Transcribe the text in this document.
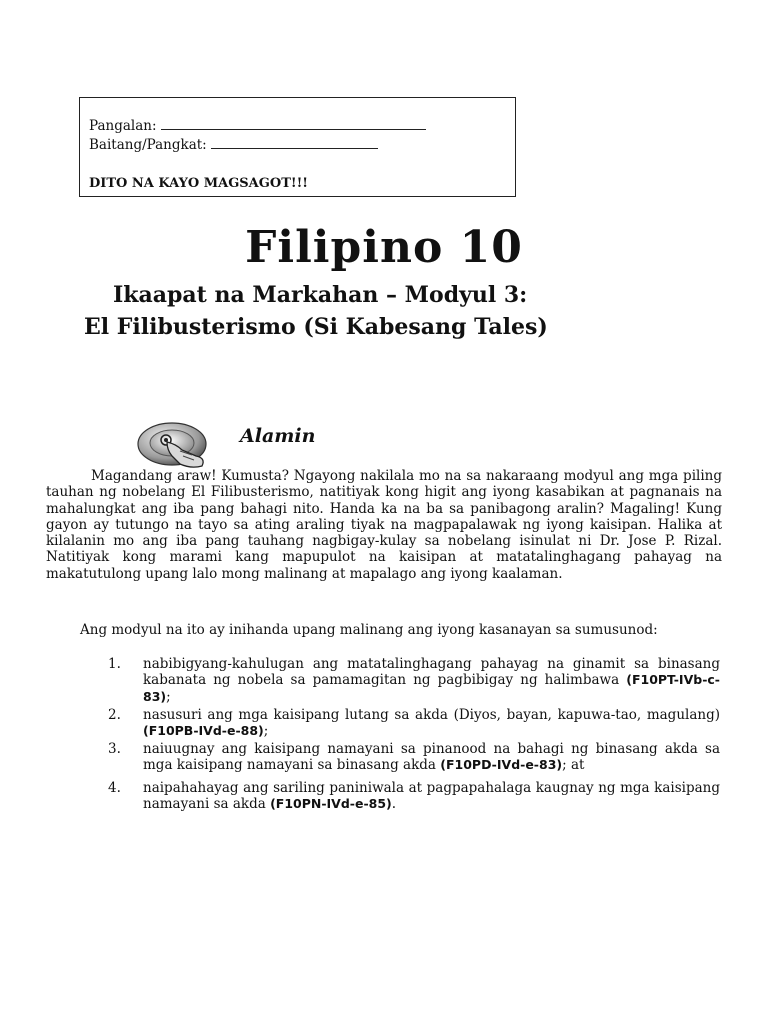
Pangalan:
Baitang/Pangkat:
DITO NA KAYO MAGSAGOT!!!
Filipino 10
Ikaapat na Markahan – Modyul 3:
El Filibusterismo (Si Kabesang Tales)
Alamin
Magandang araw! Kumusta? Ngayong nakilala mo na sa nakaraang modyul ang mga piling tauhan ng nobelang El Filibusterismo, natitiyak kong higit ang iyong kasabikan at pagnanais na mahalungkat ang iba pang bahagi nito. Handa ka na ba sa panibagong aralin? Magaling! Kung gayon ay tutungo na tayo sa ating araling tiyak na magpapalawak ng iyong kaisipan. Halika at kilalanin mo ang iba pang tauhang nagbigay-kulay sa nobelang isinulat ni Dr. Jose P. Rizal. Natitiyak kong marami kang mapupulot na kaisipan at matatalinghagang pahayag na makatutulong upang lalo mong malinang at mapalago ang iyong kaalaman.
Ang modyul na ito ay inihanda upang malinang ang iyong kasanayan sa sumusunod:
1.	nabibigyang-kahulugan ang matatalinghagang pahayag na ginamit sa binasang kabanata ng nobela sa pamamagitan ng pagbibigay ng halimbawa (F10PT-IVb-c-83);
2.	nasusuri ang mga kaisipang lutang sa akda (Diyos, bayan, kapuwa-tao, magulang) (F10PB-IVd-e-88);
3.	naiuugnay ang kaisipang namayani sa pinanood na bahagi ng binasang akda sa mga kaisipang namayani sa binasang akda (F10PD-IVd-e-83); at
4.	naipahahayag ang sariling paniniwala at pagpapahalaga kaugnay ng mga kaisipang namayani sa akda (F10PN-IVd-e-85).
